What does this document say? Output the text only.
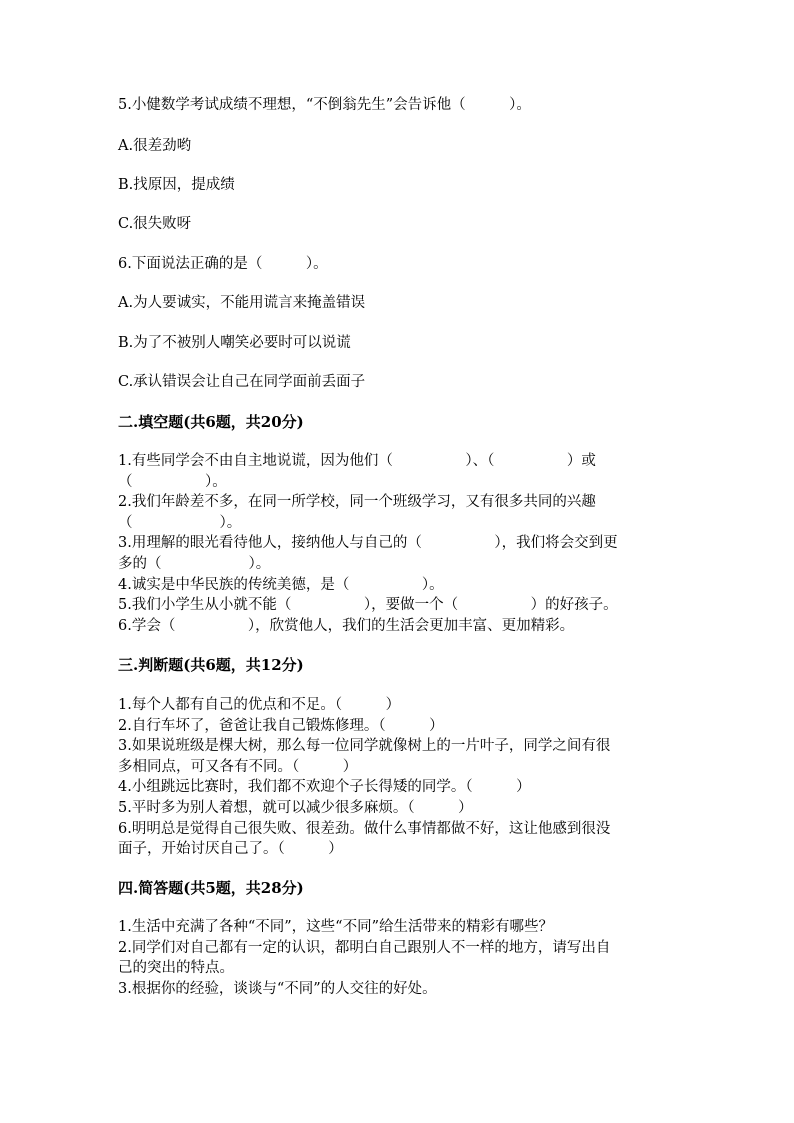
5.小健数学考试成绩不理想，“不倒翁先生”会告诉他（　　　）。
A.很差劲哟
B.找原因，提成绩
C.很失败呀
6.下面说法正确的是（　　　）。
A.为人要诚实，不能用谎言来掩盖错误
B.为了不被别人嘲笑必要时可以说谎
C.承认错误会让自己在同学面前丢面子
二.填空题(共6题，共20分)

1.有些同学会不由自主地说谎，因为他们（　　　　　）、（　　　　　）或

（　　　　　）。

2.我们年龄差不多，在同一所学校，同一个班级学习，又有很多共同的兴趣

（　　　　　　）。

3.用理解的眼光看待他人，接纳他人与自己的（　　　　　），我们将会交到更

多的（　　　　　　）。

4.诚实是中华民族的传统美德，是（　　　　　）。

5.我们小学生从小就不能（　　　　　），要做一个（　　　　　）的好孩子。

6.学会（　　　　　），欣赏他人，我们的生活会更加丰富、更加精彩。

三.判断题(共6题，共12分)

1.每个人都有自己的优点和不足。（　　　）

2.自行车坏了，爸爸让我自己锻炼修理。（　　　）

3.如果说班级是棵大树，那么每一位同学就像树上的一片叶子，同学之间有很

多相同点，可又各有不同。（　　　）

4.小组跳远比赛时，我们都不欢迎个子长得矮的同学。（　　　）

5.平时多为别人着想，就可以减少很多麻烦。（　　　）

6.明明总是觉得自己很失败、很差劲。做什么事情都做不好，这让他感到很没

面子，开始讨厌自己了。（　　　）

四.简答题(共5题，共28分)

1.生活中充满了各种“不同”，这些“不同”给生活带来的精彩有哪些？

2.同学们对自己都有一定的认识，都明白自己跟别人不一样的地方，请写出自

己的突出的特点。

3.根据你的经验，谈谈与“不同”的人交往的好处。
